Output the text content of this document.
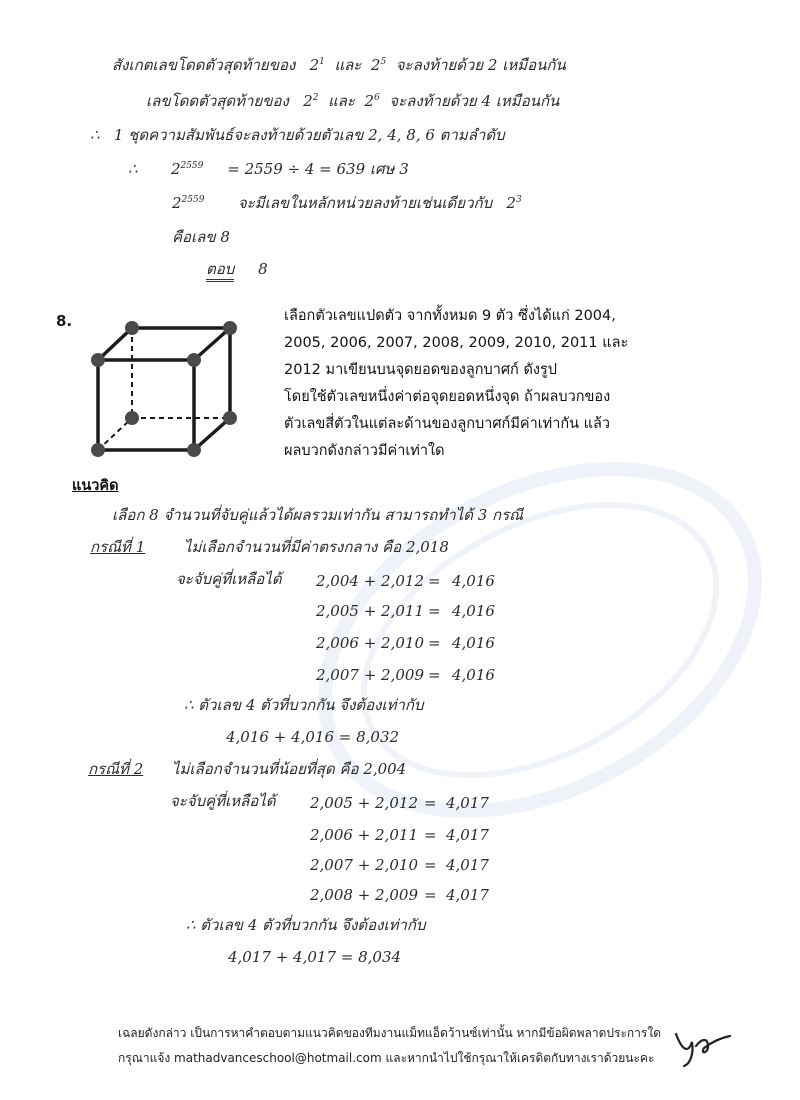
สังเกตเลขโดดตัวสุดท้ายของ $2^1$ และ $2^5$ จะลงท้ายด้วย 2 เหมือนกัน
เลขโดดตัวสุดท้ายของ $2^2$ และ $2^6$ จะลงท้ายด้วย 4 เหมือนกัน
∴ 1 ชุดความสัมพันธ์จะลงท้ายด้วยตัวเลข 2, 4, 8, 6 ตามลำดับ
∴ $2^{2559} = 2559 \div 4 = 639$ เศษ 3
$2^{2559}$ จะมีเลขในหลักหน่วยลงท้ายเช่นเดียวกับ $2^3$
คือเลข 8
ตอบ 8
8.	เลือกตัวเลขแปดตัว จากทั้งหมด 9 ตัว ซึ่งได้แก่ 2004,
2005, 2006, 2007, 2008, 2009, 2010, 2011 และ
2012 มาเขียนบนจุดยอดของลูกบาศก์ ดังรูป
โดยใช้ตัวเลขหนึ่งค่าต่อจุดยอดหนึ่งจุด ถ้าผลบวกของ
ตัวเลขสี่ตัวในแต่ละด้านของลูกบาศก์มีค่าเท่ากัน แล้ว
ผลบวกดังกล่าวมีค่าเท่าใด
แนวคิด
เลือก 8 จำนวนที่จับคู่แล้วได้ผลรวมเท่ากัน สามารถทำได้ 3 กรณี
กรณีที่ 1	ไม่เลือกจำนวนที่มีค่าตรงกลาง คือ 2,018
จะจับคู่ที่เหลือได้ 2,004 + 2,012 = 4,016
2,005 + 2,011 = 4,016
2,006 + 2,010 = 4,016
2,007 + 2,009 = 4,016
∴ ตัวเลข 4 ตัวที่บวกกัน จึงต้องเท่ากับ
4,016 + 4,016 = 8,032
กรณีที่ 2 ไม่เลือกจำนวนที่น้อยที่สุด คือ 2,004
จะจับคู่ที่เหลือได้ 2,005 + 2,012 = 4,017
2,006 + 2,011 = 4,017
2,007 + 2,010 = 4,017
2,008 + 2,009 = 4,017
∴ ตัวเลข 4 ตัวที่บวกกัน จึงต้องเท่ากับ
4,017 + 4,017 = 8,034
เฉลยดังกล่าว เป็นการหาคำตอบตามแนวคิดของทีมงานแม็ทแอ็ดว้านซ์เท่านั้น หากมีข้อผิดพลาดประการใด
กรุณาแจ้ง mathadvanceschool@hotmail.com และหากนำไปใช้กรุณาให้เครดิตกับทางเราด้วยนะคะ
